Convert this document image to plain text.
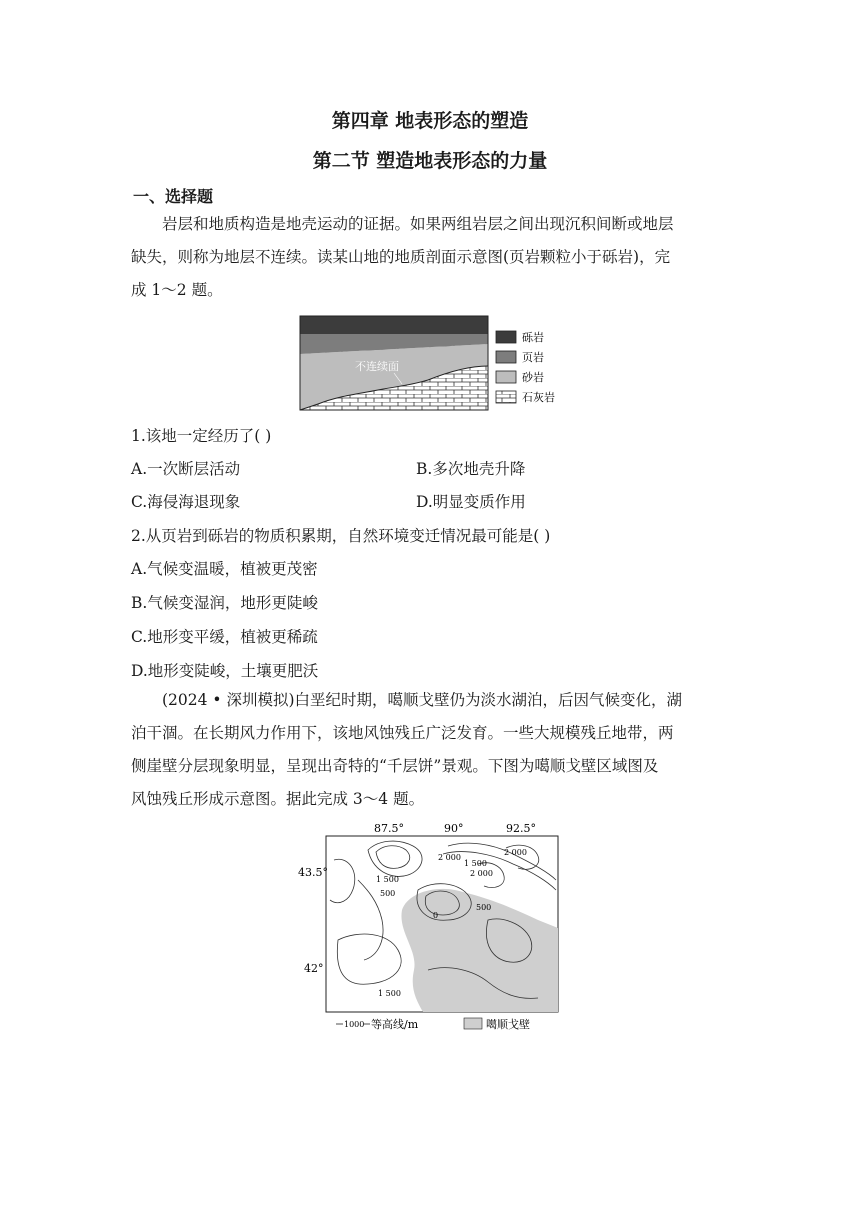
第四章 地表形态的塑造
第二节 塑造地表形态的力量
一、选择题
岩层和地质构造是地壳运动的证据。如果两组岩层之间出现沉积间断或地层
缺失，则称为地层不连续。读某山地的地质剖面示意图(页岩颗粒小于砾岩)，完
成 1～2 题。
不连续面
砾岩
页岩
砂岩
石灰岩
1.该地一定经历了( )
A.一次断层活动	B.多次地壳升降
C.海侵海退现象	D.明显变质作用
2.从页岩到砾岩的物质积累期，自然环境变迁情况最可能是( )
A.气候变温暖，植被更茂密
B.气候变湿润，地形更陡峻
C.地形变平缓，植被更稀疏
D.地形变陡峻，土壤更肥沃
(2024 • 深圳模拟)白垩纪时期，噶顺戈壁仍为淡水湖泊，后因气候变化，湖
泊干涸。在长期风力作用下，该地风蚀残丘广泛发育。一些大规模残丘地带，两
侧崖壁分层现象明显，呈现出奇特的“千层饼”景观。下图为噶顺戈壁区域图及
风蚀残丘形成示意图。据此完成 3～4 题。
2 000
1 500
2 000
2 000
1 500
500
0
500
1 500
87.5°	90°	92.5°
43.5°
42°
1000 等高线/m	噶顺戈壁
